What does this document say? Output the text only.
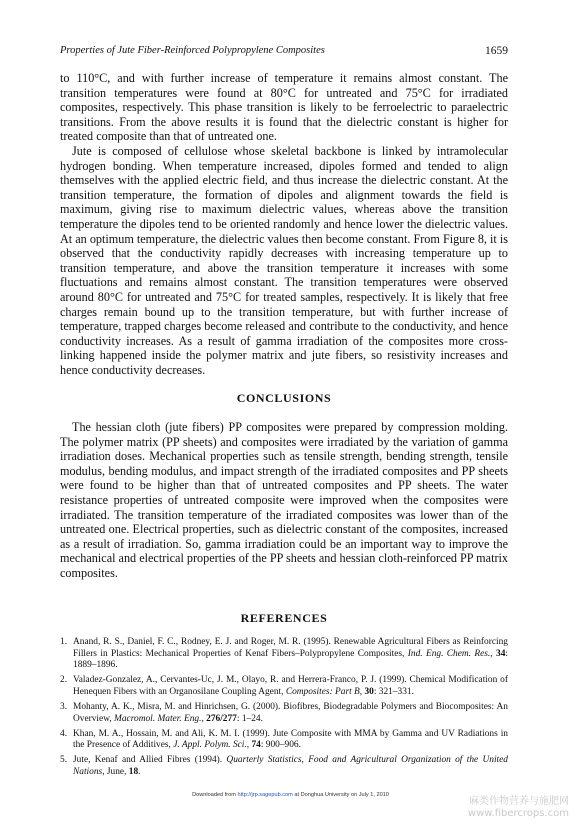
Properties of Jute Fiber-Reinforced Polypropylene Composites	1659

to 110°C, and with further increase of temperature it remains almost constant. The transition temperatures were found at 80°C for untreated and 75°C for irradiated composites, respectively. This phase transition is likely to be ferroelectric to paraelectric transitions. From the above results it is found that the dielectric constant is higher for treated composite than that of untreated one.

Jute is composed of cellulose whose skeletal backbone is linked by intramolecular hydrogen bonding. When temperature increased, dipoles formed and tended to align themselves with the applied electric field, and thus increase the dielectric constant. At the transition temperature, the formation of dipoles and alignment towards the field is maximum, giving rise to maximum dielectric values, whereas above the transition temperature the dipoles tend to be oriented randomly and hence lower the dielectric values. At an optimum temperature, the dielectric values then become constant. From Figure 8, it is observed that the conductivity rapidly decreases with increasing temperature up to transition temperature, and above the transition temperature it increases with some fluctuations and remains almost constant. The transition temperatures were observed around 80°C for untreated and 75°C for treated samples, respectively. It is likely that free charges remain bound up to the transition temperature, but with further increase of temperature, trapped charges become released and contribute to the conductivity, and hence conductivity increases. As a result of gamma irradiation of the composites more cross-linking happened inside the polymer matrix and jute fibers, so resistivity increases and hence conductivity decreases.

CONCLUSIONS

The hessian cloth (jute fibers) PP composites were prepared by compression molding. The polymer matrix (PP sheets) and composites were irradiated by the variation of gamma irradiation doses. Mechanical properties such as tensile strength, bending strength, tensile modulus, bending modulus, and impact strength of the irradiated composites and PP sheets were found to be higher than that of untreated composites and PP sheets. The water resistance properties of untreated composite were improved when the composites were irradiated. The transition temperature of the irradiated composites was lower than of the untreated one. Electrical properties, such as dielectric constant of the composites, increased as a result of irradiation. So, gamma irradiation could be an important way to improve the mechanical and electrical properties of the PP sheets and hessian cloth-reinforced PP matrix composites.

REFERENCES
1. Anand, R. S., Daniel, F. C., Rodney, E. J. and Roger, M. R. (1995). Renewable Agricultural Fibers as Reinforcing Fillers in Plastics: Mechanical Properties of Kenaf Fibers–Polypropylene Composites, Ind. Eng. Chem. Res., 34: 1889–1896.
2. Valadez-Gonzalez, A., Cervantes-Uc, J. M., Olayo, R. and Herrera-Franco, P. J. (1999). Chemical Modification of Henequen Fibers with an Organosilane Coupling Agent, Composites: Part B, 30: 321–331.
3. Mohanty, A. K., Misra, M. and Hinrichsen, G. (2000). Biofibres, Biodegradable Polymers and Biocomposites: An Overview, Macromol. Mater. Eng., 276/277: 1–24.
4. Khan, M. A., Hossain, M. and Ali, K. M. I. (1999). Jute Composite with MMA by Gamma and UV Radiations in the Presence of Additives, J. Appl. Polym. Sci., 74: 900–906.
5. Jute, Kenaf and Allied Fibres (1994). Quarterly Statistics, Food and Agricultural Organization of the United Nations, June, 18.
Downloaded from http://jrp.sagepub.com at Donghua University on July 1, 2010
麻类作物营养与施肥网
www.fibercrops.com
